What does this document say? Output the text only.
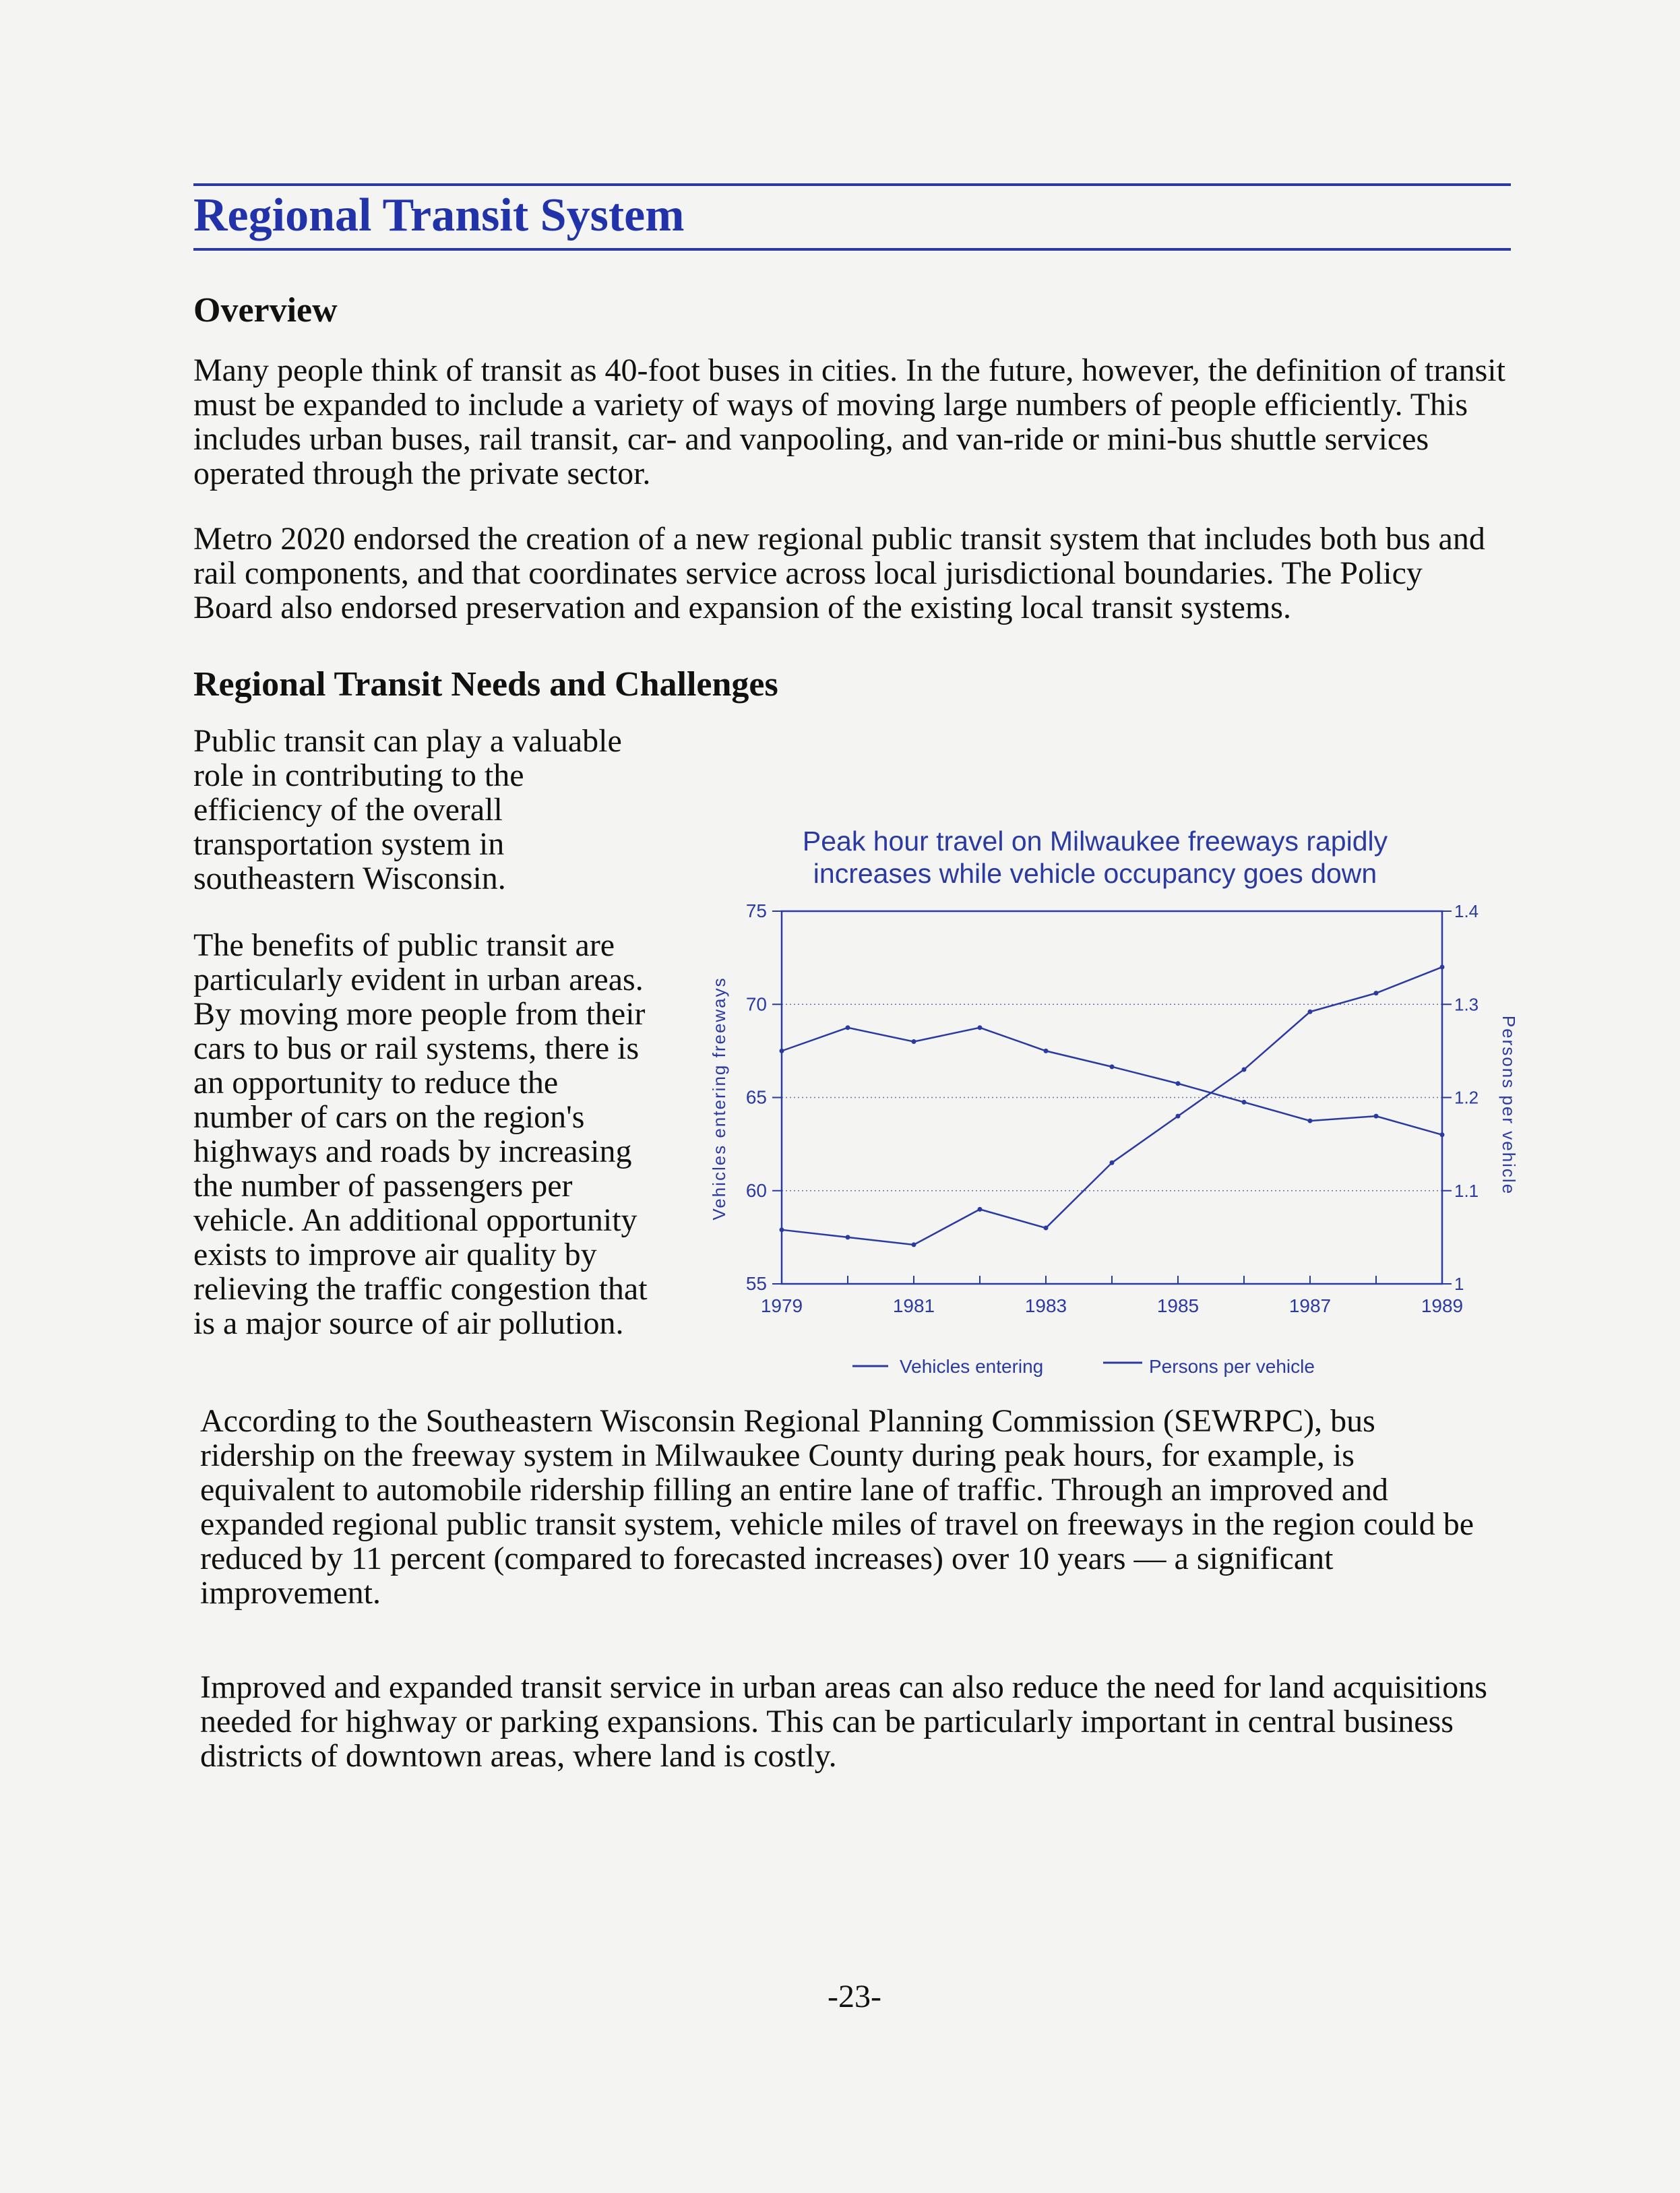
Regional Transit System
Overview

Many people think of transit as 40-foot buses in cities. In the future, however, the definition of transit must be expanded to include a variety of ways of moving large numbers of people efficiently. This includes urban buses, rail transit, car- and vanpooling, and van-ride or mini-bus shuttle services operated through the private sector.

Metro 2020 endorsed the creation of a new regional public transit system that includes both bus and rail components, and that coordinates service across local jurisdictional boundaries. The Policy Board also endorsed preservation and expansion of the existing local transit systems.

Regional Transit Needs and Challenges

Public transit can play a valuable role in contributing to the efficiency of the overall transportation system in southeastern Wisconsin.

The benefits of public transit are particularly evident in urban areas. By moving more people from their cars to bus or rail systems, there is an opportunity to reduce the number of cars on the region's highways and roads by increasing the number of passengers per vehicle. An additional opportunity exists to improve air quality by relieving the traffic congestion that is a major source of air pollution.

According to the Southeastern Wisconsin Regional Planning Commission (SEWRPC), bus ridership on the freeway system in Milwaukee County during peak hours, for example, is equivalent to automobile ridership filling an entire lane of traffic. Through an improved and expanded regional public transit system, vehicle miles of travel on freeways in the region could be reduced by 11 percent (compared to forecasted increases) over 10 years — a significant improvement.

Improved and expanded transit service in urban areas can also reduce the need for land acquisitions needed for highway or parking expansions. This can be particularly important in central business districts of downtown areas, where land is costly.

Peak hour travel on Milwaukee freeways rapidly increases while vehicle occupancy goes down
55
60
65
70
75
1
1.1
1.2
1.3
1.4
1979	1981	1983	1985	1987	1989
Vehicles entering freeways	Persons per vehicle
Vehicles entering	Persons per vehicle
-23-
